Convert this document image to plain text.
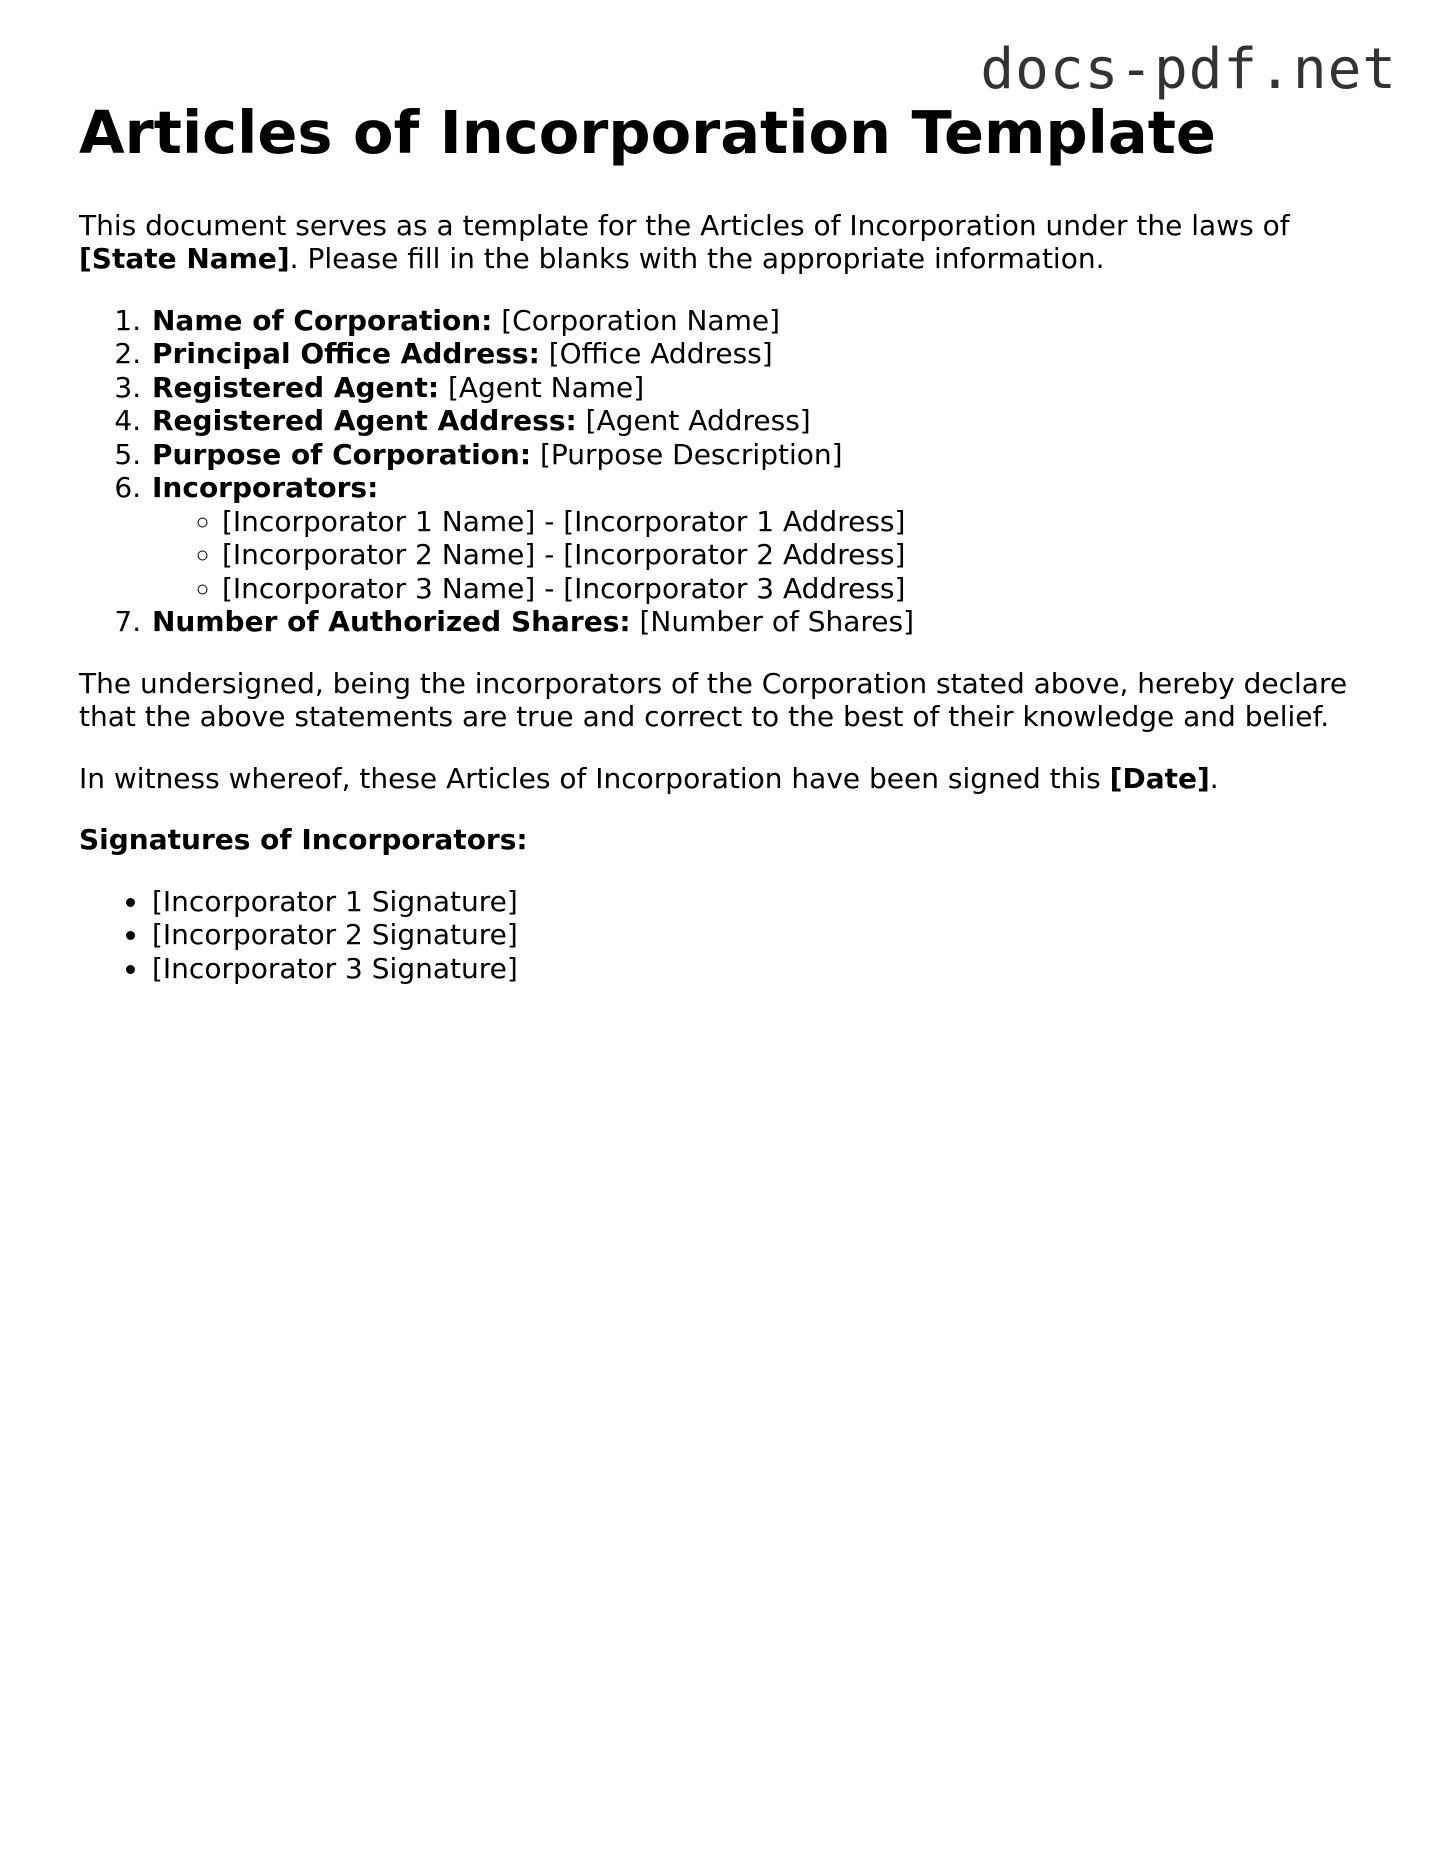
docs-pdf.net
Articles of Incorporation Template

This document serves as a template for the Articles of Incorporation under the laws of [State Name]. Please fill in the blanks with the appropriate information.

1. Name of Corporation: [Corporation Name]
2. Principal Office Address: [Office Address]
3. Registered Agent: [Agent Name]
4. Registered Agent Address: [Agent Address]
5. Purpose of Corporation: [Purpose Description]
6. Incorporators:
◦ [Incorporator 1 Name] - [Incorporator 1 Address]
◦ [Incorporator 2 Name] - [Incorporator 2 Address]
◦ [Incorporator 3 Name] - [Incorporator 3 Address]
7. Number of Authorized Shares: [Number of Shares]

The undersigned, being the incorporators of the Corporation stated above, hereby declare that the above statements are true and correct to the best of their knowledge and belief.

In witness whereof, these Articles of Incorporation have been signed this [Date].

Signatures of Incorporators:

• [Incorporator 1 Signature]
• [Incorporator 2 Signature]
• [Incorporator 3 Signature]
